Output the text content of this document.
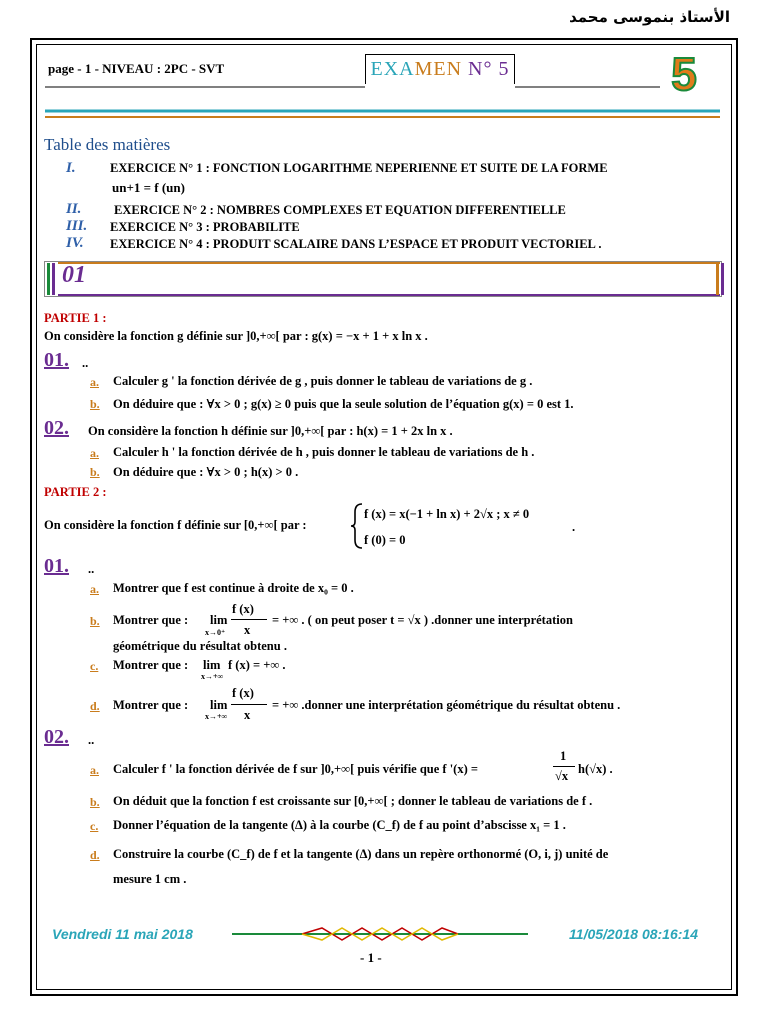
الأستاذ بنموسى محمد
page - 1 - NIVEAU : 2PC - SVT	EXAMEN N° 5	5
Table des matières
I.	EXERCICE N° 1 : FONCTION LOGARITHME NEPERIENNE ET SUITE DE LA FORME
un+1 = f (un)
II.	EXERCICE N° 2 : NOMBRES COMPLEXES ET EQUATION DIFFERENTIELLE
III. EXERCICE N° 3 : PROBABILITE
IV. EXERCICE N° 4 : PRODUIT SCALAIRE DANS L’ESPACE ET PRODUIT VECTORIEL .
01
PARTIE 1 :
On considère la fonction g définie sur ]0,+∞[ par : g(x) = −x + 1 + x ln x .
01. ..
a. Calculer g ' la fonction dérivée de g , puis donner le tableau de variations de g .
b. On déduire que : ∀x > 0 ; g(x) ≥ 0 puis que la seule solution de l’équation g(x) = 0 est 1.
02. On considère la fonction h définie sur ]0,+∞[ par : h(x) = 1 + 2x ln x .
a. Calculer h ' la fonction dérivée de h , puis donner le tableau de variations de h .
b. On déduire que : ∀x > 0 ; h(x) > 0 .
PARTIE 2 :
On considère la fonction f définie sur [0,+∞[ par :
f (x) = x(−1 + ln x) + 2√x ; x ≠ 0
f (0) = 0
.
01. ..
a. Montrer que f est continue à droite de x₀ = 0 .
b. Montrer que : lim
x→0⁺
f (x)
x
= +∞ . ( on peut poser t = √x ) .donner une interprétation
géométrique du résultat obtenu .
c. Montrer que : lim
x→+∞
f (x) = +∞ .
d. Montrer que : lim
x→+∞
f (x)
x
= +∞ .donner une interprétation géométrique du résultat obtenu .
02. ..
a. Calculer f ' la fonction dérivée de f sur ]0,+∞[ puis vérifie que f '(x) =
1
√x h(√x) .
b. On déduit que la fonction f est croissante sur [0,+∞[ ; donner le tableau de variations de f .
c. Donner l’équation de la tangente (Δ) à la courbe (C_f) de f au point d’abscisse x₁ = 1 .
d. Construire la courbe (C_f) de f et la tangente (Δ) dans un repère orthonormé (O, i, j) unité de
mesure 1 cm .
Vendredi 11 mai 2018	11/05/2018 08:16:14
- 1 -
